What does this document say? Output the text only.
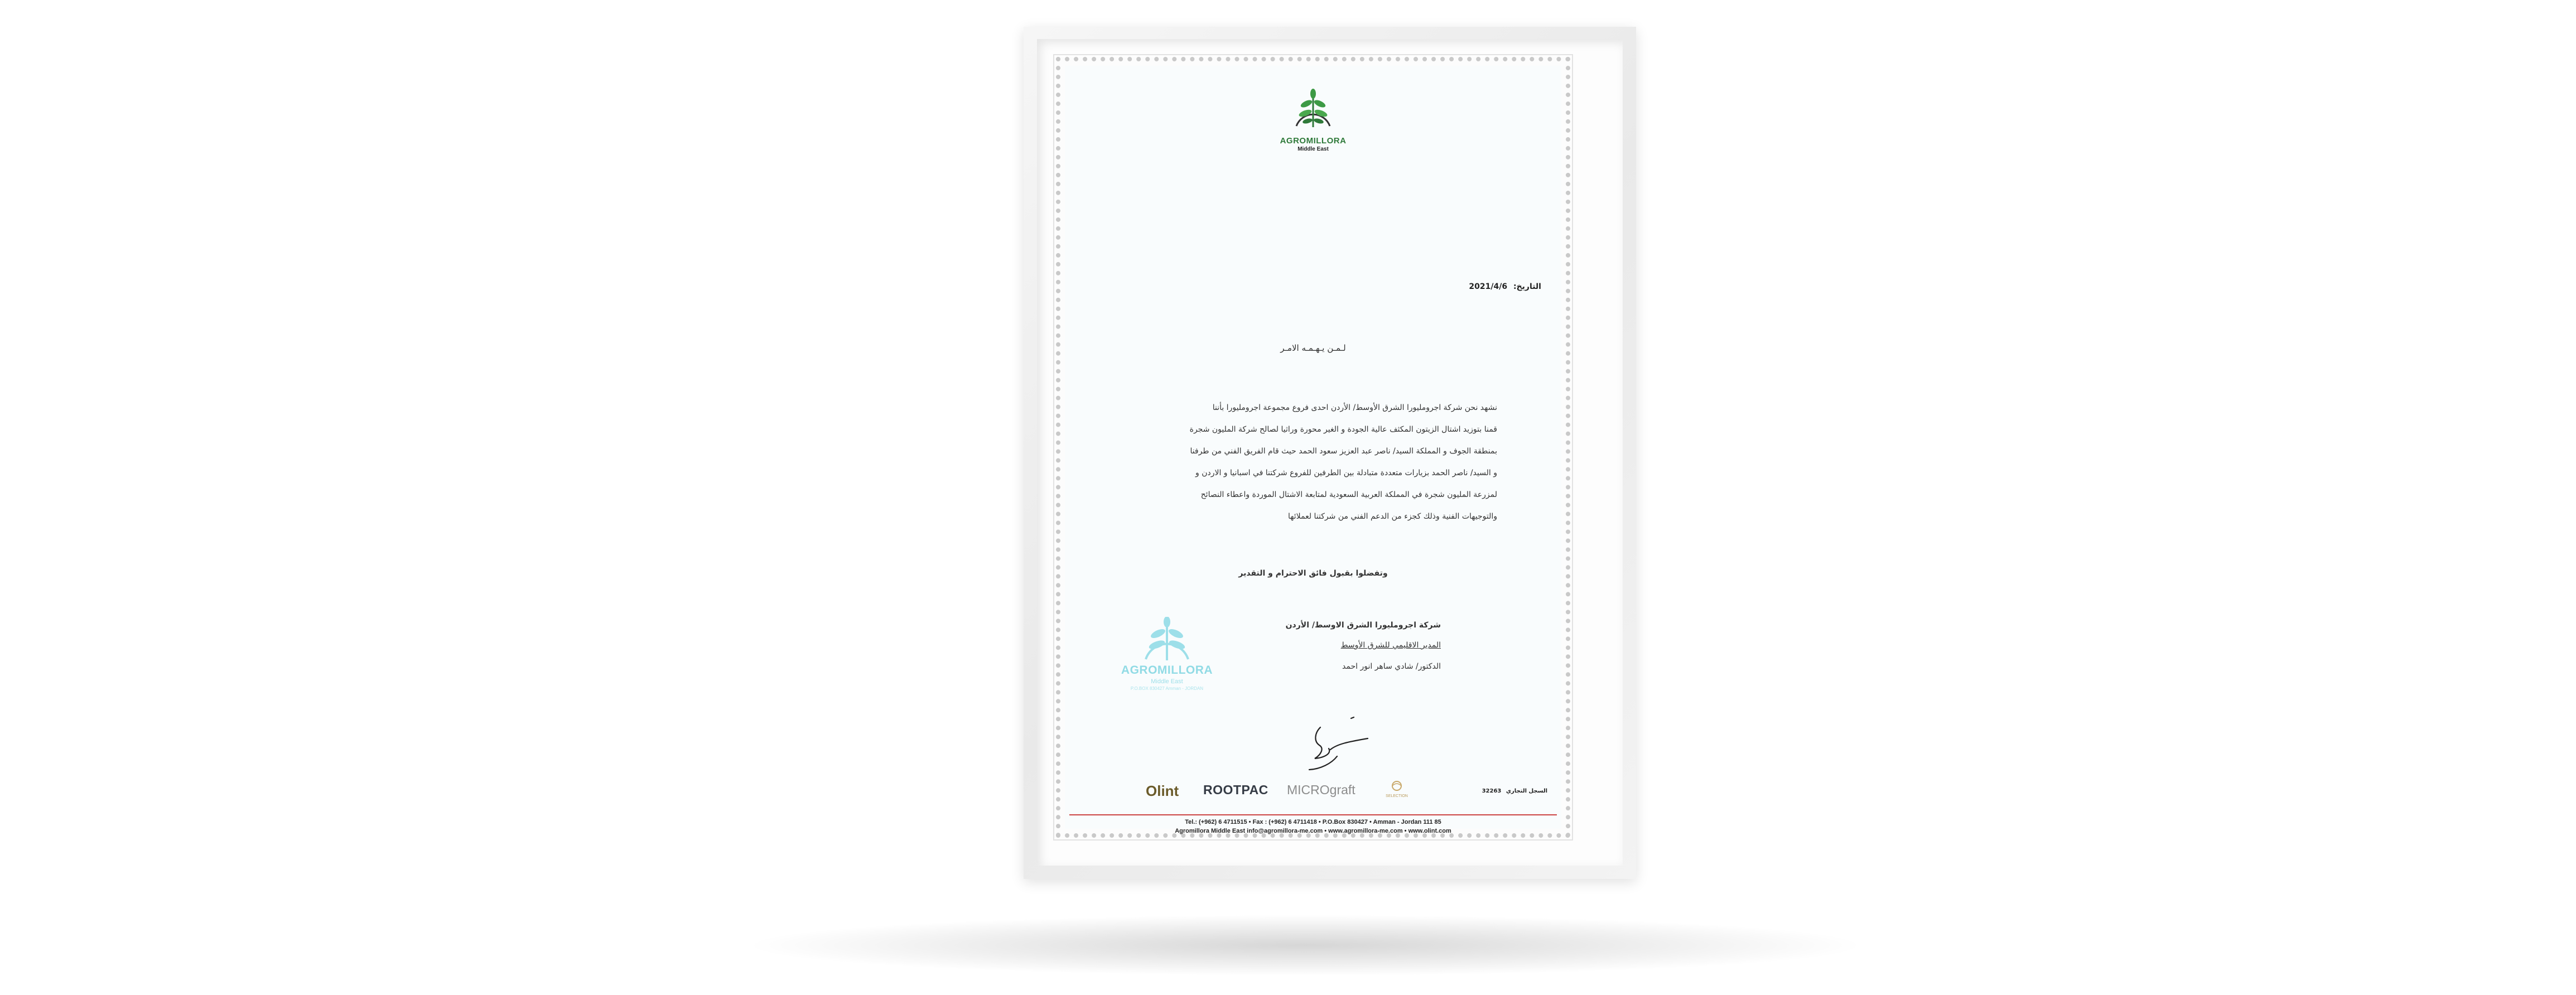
AGROMILLORA
Middle East
التاريخ: 2021/4/6
لـمـن يـهـمـه الامـر
نشهد نحن شركة اجرومليورا الشرق الأوسط/ الأردن احدى فروع مجموعة اجرومليورا بأننا
قمنا بتوزيد اشتال الزيتون المكثف عالية الجودة و الغير محورة وراثيا لصالح شركة المليون شجرة
بمنطقة الجوف و المملكة السيد/ ناصر عبد العزيز سعود الحمد حيث قام الفريق الفني من طرفنا
و السيد/ ناصر الحمد بزيارات متعددة متبادلة بين الطرفين للفروع شركتنا في اسبانيا و الاردن و
لمزرعة المليون شجرة في المملكة العربية السعودية لمتابعة الاشتال الموردة واعطاء النصائح
والتوجيهات الفنية وذلك كجزء من الدعم الفني من شركتنا لعملائها
وتفضلوا بقبول فائق الاحترام و التقدير
AGROMILLORA
Middle East
P.O.BOX 830427 Amman - JORDAN
شركة اجرومليورا الشرق الاوسط/ الأردن
المدير الاقليمي للشرق الأوسط
الدكتور/ شادي ساهر انور احمد
Olint ROOTPAC MICROgraft	SELECTION
السجل التجاري 32263
Tel.: (+962) 6 4711515 • Fax : (+962) 6 4711418 • P.O.Box 830427 • Amman - Jordan 111 85
Agromillora Middle East info@agromillora-me.com • www.agromillora-me.com • www.olint.com
